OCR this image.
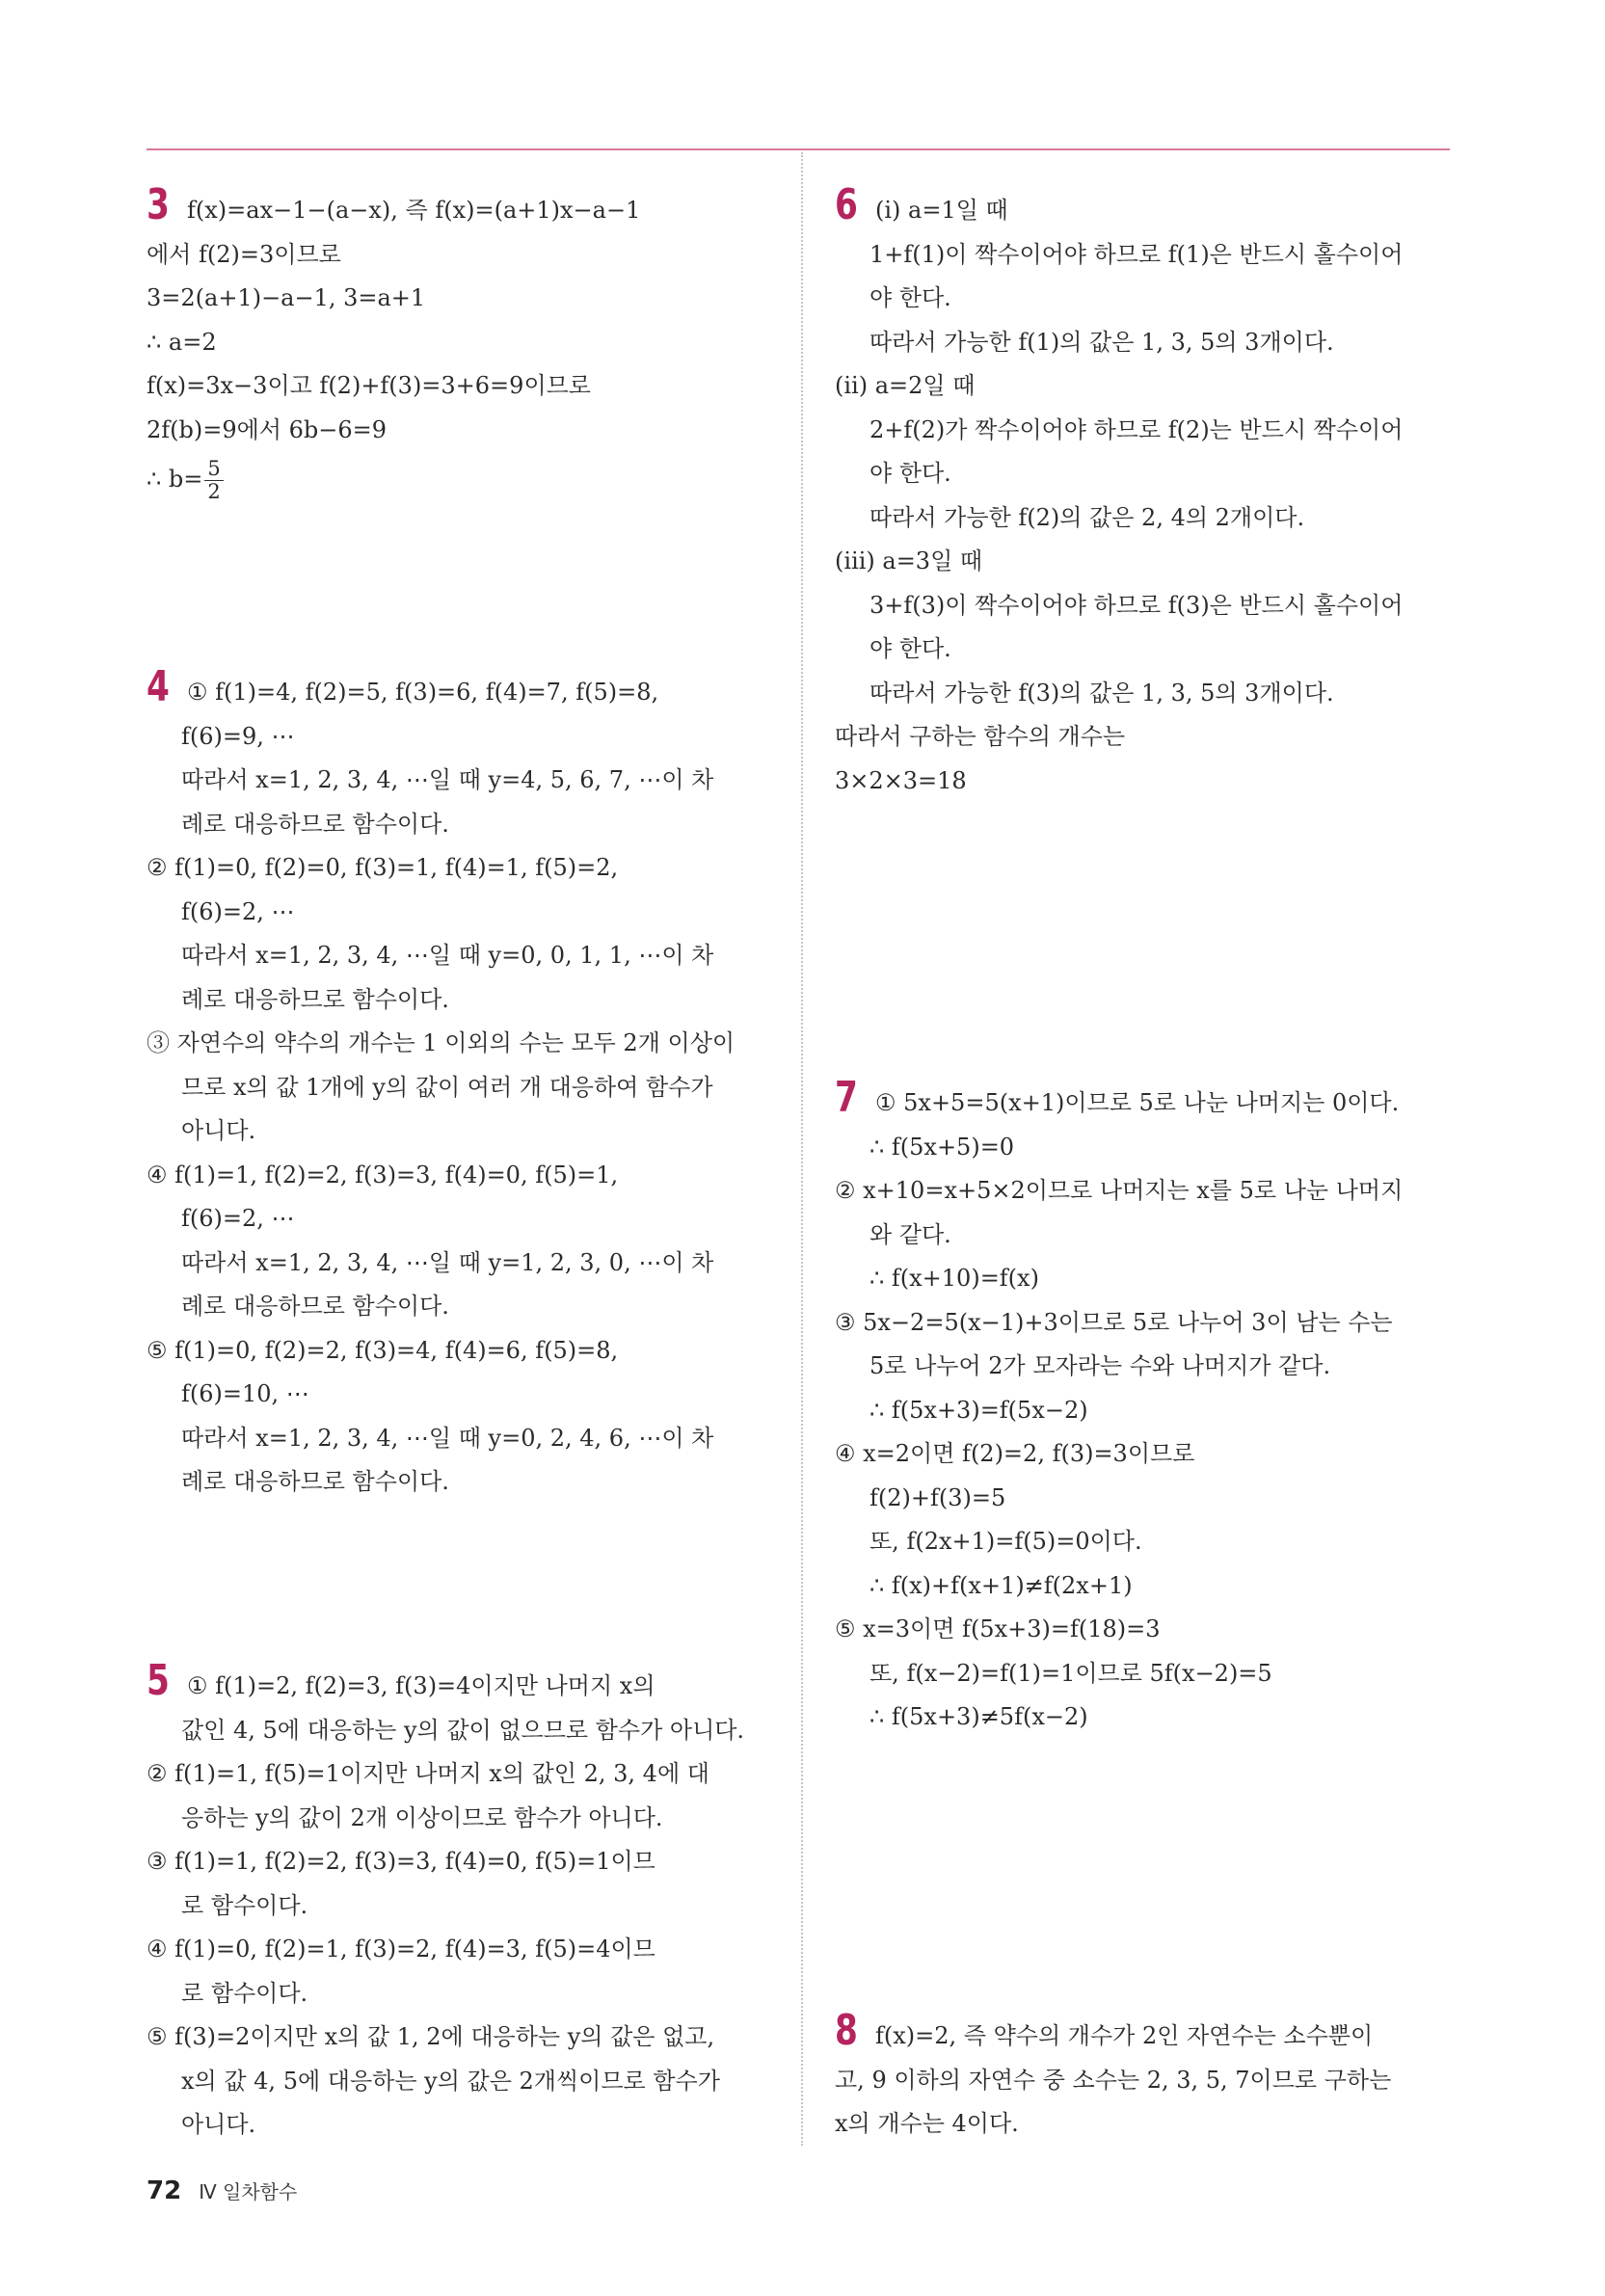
3 f(x)=ax−1−(a−x), 즉 f(x)=(a+1)x−a−1
에서 f(2)=3이므로
3=2(a+1)−a−1, 3=a+1
∴ a=2
f(x)=3x−3이고 f(2)+f(3)=3+6=9이므로
2f(b)=9에서 6b−6=9
∴ $b= \frac{5}{2}$
4 ① f(1)=4, f(2)=5, f(3)=6, f(4)=7, f(5)=8,
f(6)=9, ⋯
따라서 x=1, 2, 3, 4, ⋯일 때 y=4, 5, 6, 7, ⋯이 차
례로 대응하므로 함수이다.
② f(1)=0, f(2)=0, f(3)=1, f(4)=1, f(5)=2,
f(6)=2, ⋯
따라서 x=1, 2, 3, 4, ⋯일 때 y=0, 0, 1, 1, ⋯이 차
례로 대응하므로 함수이다.
③ 자연수의 약수의 개수는 1 이외의 수는 모두 2개 이상이
므로 x의 값 1개에 y의 값이 여러 개 대응하여 함수가
아니다.
④ f(1)=1, f(2)=2, f(3)=3, f(4)=0, f(5)=1,
f(6)=2, ⋯
따라서 x=1, 2, 3, 4, ⋯일 때 y=1, 2, 3, 0, ⋯이 차
례로 대응하므로 함수이다.
⑤ f(1)=0, f(2)=2, f(3)=4, f(4)=6, f(5)=8,
f(6)=10, ⋯
따라서 x=1, 2, 3, 4, ⋯일 때 y=0, 2, 4, 6, ⋯이 차
례로 대응하므로 함수이다.
5 ① f(1)=2, f(2)=3, f(3)=4이지만 나머지 x의
값인 4, 5에 대응하는 y의 값이 없으므로 함수가 아니다.
② f(1)=1, f(5)=1이지만 나머지 x의 값인 2, 3, 4에 대
응하는 y의 값이 2개 이상이므로 함수가 아니다.
③ f(1)=1, f(2)=2, f(3)=3, f(4)=0, f(5)=1이므
로 함수이다.
④ f(1)=0, f(2)=1, f(3)=2, f(4)=3, f(5)=4이므
로 함수이다.
⑤ f(3)=2이지만 x의 값 1, 2에 대응하는 y의 값은 없고,
x의 값 4, 5에 대응하는 y의 값은 2개씩이므로 함수가
아니다.
6 (ⅰ) a=1일 때
1+f(1)이 짝수이어야 하므로 f(1)은 반드시 홀수이어
야 한다.
따라서 가능한 f(1)의 값은 1, 3, 5의 3개이다.
(ⅱ) a=2일 때
2+f(2)가 짝수이어야 하므로 f(2)는 반드시 짝수이어
야 한다.
따라서 가능한 f(2)의 값은 2, 4의 2개이다.
(ⅲ) a=3일 때
3+f(3)이 짝수이어야 하므로 f(3)은 반드시 홀수이어
야 한다.
따라서 가능한 f(3)의 값은 1, 3, 5의 3개이다.
따라서 구하는 함수의 개수는
3×2×3=18
7 ① 5x+5=5(x+1)이므로 5로 나눈 나머지는 0이다.
∴ f(5x+5)=0
② x+10=x+5×2이므로 나머지는 x를 5로 나눈 나머지
와 같다.
∴ f(x+10)=f(x)
③ 5x−2=5(x−1)+3이므로 5로 나누어 3이 남는 수는
5로 나누어 2가 모자라는 수와 나머지가 같다.
∴ f(5x+3)=f(5x−2)
④ x=2이면 f(2)=2, f(3)=3이므로
f(2)+f(3)=5
또, f(2x+1)=f(5)=0이다.
∴ f(x)+f(x+1)≠f(2x+1)
⑤ x=3이면 f(5x+3)=f(18)=3
또, f(x−2)=f(1)=1이므로 5f(x−2)=5
∴ f(5x+3)≠5f(x−2)
8 f(x)=2, 즉 약수의 개수가 2인 자연수는 소수뿐이
고, 9 이하의 자연수 중 소수는 2, 3, 5, 7이므로 구하는
x의 개수는 4이다.
72 Ⅳ 일차함수
